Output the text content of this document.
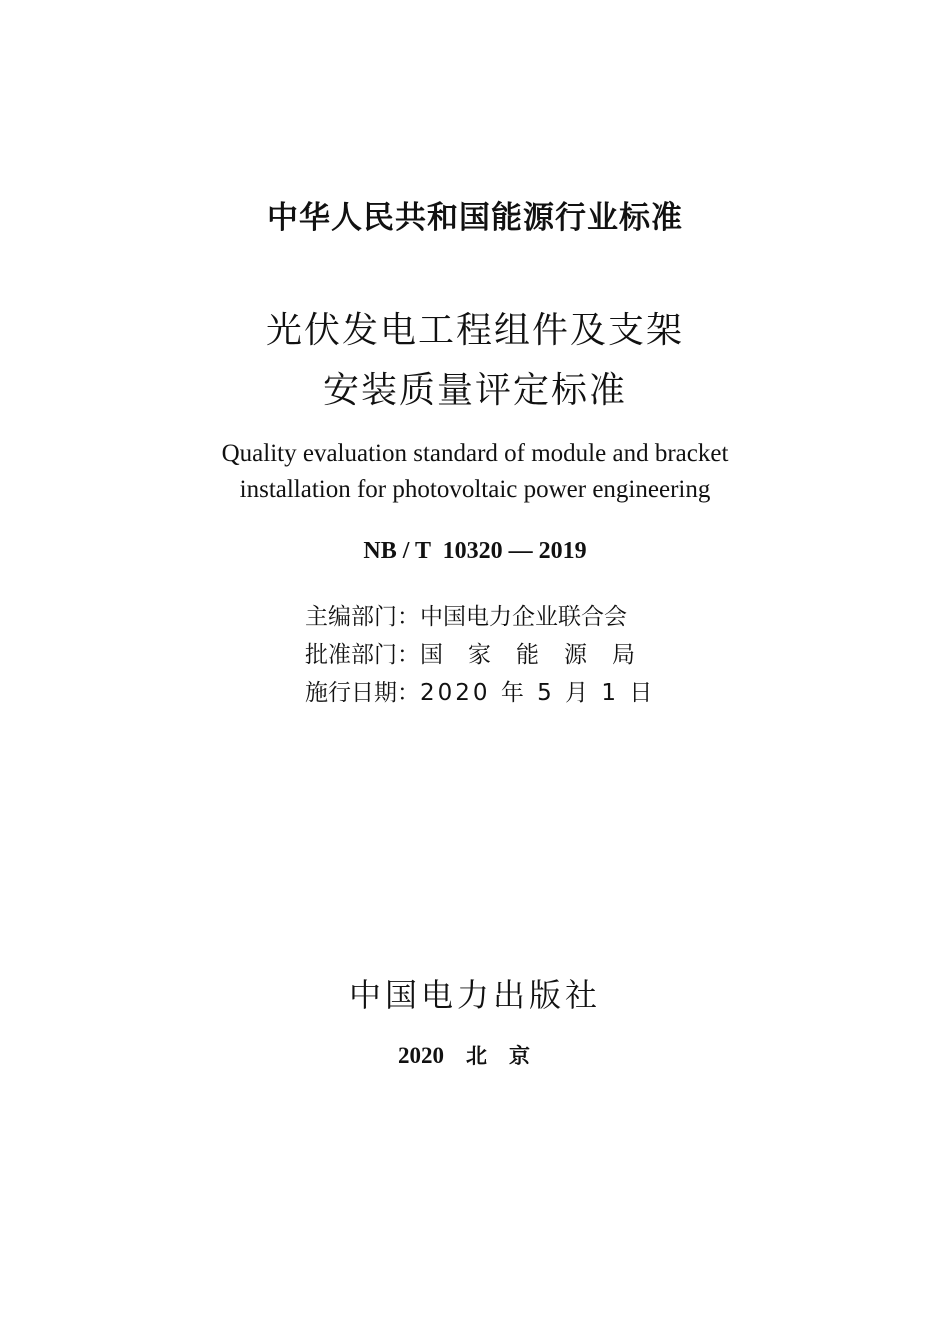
中华人民共和国能源行业标准
光伏发电工程组件及支架
安装质量评定标准
Quality evaluation standard of module and bracket
installation for photovoltaic power engineering
NB / T  10320 — 2019
主编部门：中国电力企业联合会
批准部门：国家能源局
施行日期：2020 年 5 月 1 日
中国电力出版社
2020 北京
